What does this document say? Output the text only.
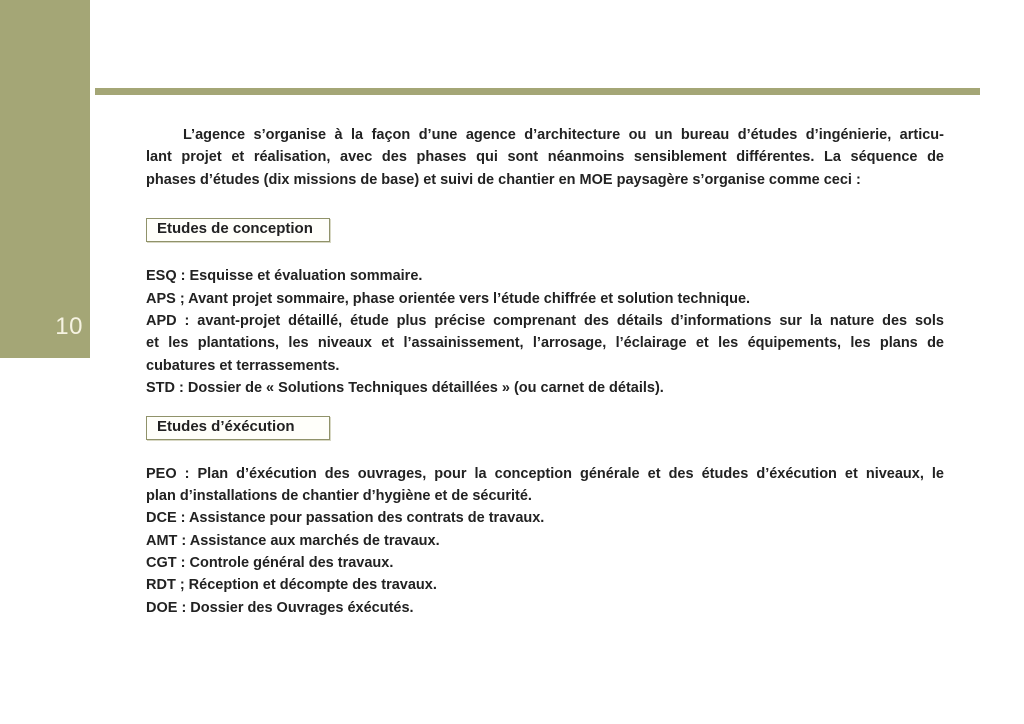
10
L’agence s’organise à la façon d’une agence d’architecture ou un bureau d’études d’ingénierie, articu-
lant projet et réalisation, avec des phases qui sont néanmoins sensiblement différentes. La séquence de
phases d’études (dix missions de base) et suivi de chantier en MOE paysagère s’organise comme ceci :
Etudes de conception
ESQ : Esquisse et évaluation sommaire.
APS ; Avant projet sommaire, phase orientée vers l’étude chiffrée et solution technique.
APD : avant-projet détaillé, étude plus précise comprenant des détails d’informations sur la nature des sols
et les plantations, les niveaux et l’assainissement, l’arrosage, l’éclairage et les équipements, les plans de
cubatures et terrassements.
STD : Dossier de « Solutions Techniques détaillées » (ou carnet de détails).
Etudes d’éxécution
PEO : Plan d’éxécution des ouvrages, pour la conception générale et des études d’éxécution et niveaux, le
plan d’installations de chantier d’hygiène et de sécurité.
DCE : Assistance pour passation des contrats de travaux.
AMT : Assistance aux marchés de travaux.
CGT : Controle général des travaux.
RDT ; Réception et décompte des travaux.
DOE : Dossier des Ouvrages éxécutés.
